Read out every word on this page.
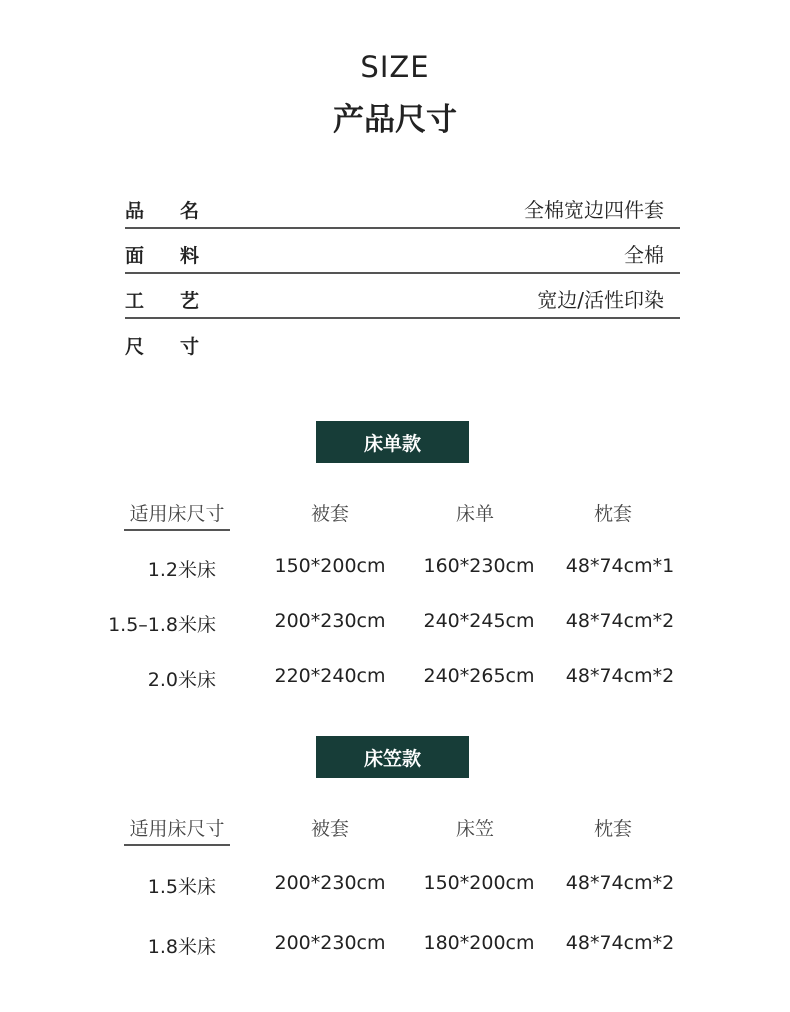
SIZE
产品尺寸
品名	全棉宽边四件套
面料	全棉
工艺	宽边/活性印染
尺寸
床单款
适用床尺寸	被套	床单	枕套
1.2米床	150*200cm 160*230cm 48*74cm*1
1.5–1.8米床	200*230cm 240*245cm 48*74cm*2
2.0米床	220*240cm 240*265cm 48*74cm*2
床笠款
适用床尺寸	被套	床笠	枕套
1.5米床	200*230cm 150*200cm 48*74cm*2
1.8米床	200*230cm 180*200cm 48*74cm*2
